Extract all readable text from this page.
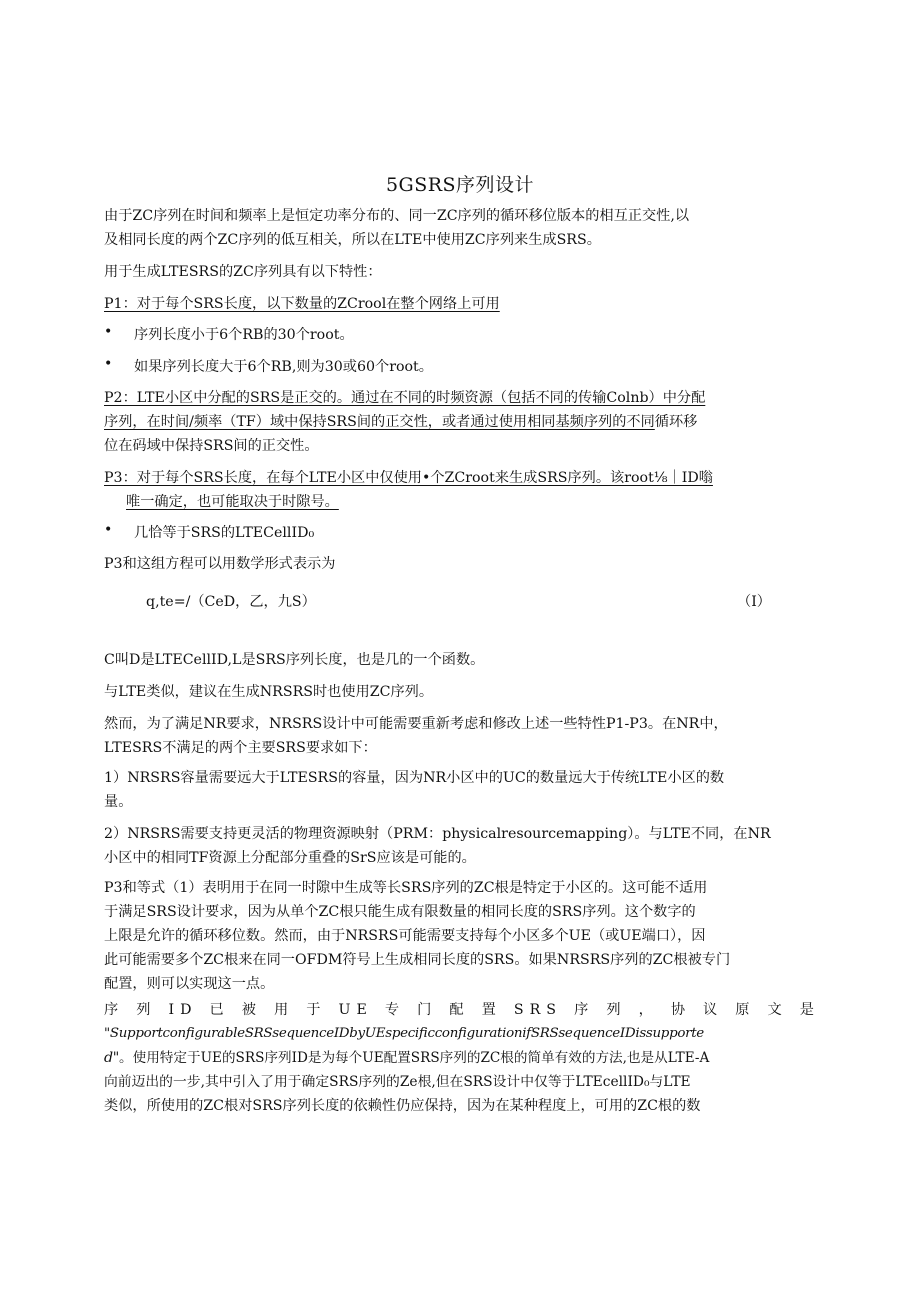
5GSRS序列设计
由于ZC序列在时间和频率上是恒定功率分布的、同一ZC序列的循环移位版本的相互正交性,以
及相同长度的两个ZC序列的低互相关，所以在LTE中使用ZC序列来生成SRS。
用于生成LTESRS的ZC序列具有以下特性：
P1：对于每个SRS长度，以下数量的ZCrool在整个网络上可用
• 序列长度小于6个RB的30个root。
• 如果序列长度大于6个RB,则为30或60个root。
P2：LTE小区中分配的SRS是正交的。通过在不同的时频资源（包括不同的传输Colnb）中分配
序列，在时间/频率（TF）域中保持SRS间的正交性，或者通过使用相同基频序列的不同循环移
位在码域中保持SRS间的正交性。
P3：对于每个SRS长度，在每个LTE小区中仅使用•个ZCroot来生成SRS序列。该root⅛｜ID嗡
唯一确定，也可能取决于时隙号。
• 几恰等于SRS的LTECellID₀
P3和这组方程可以用数学形式表示为
q,te=/（CeD，乙，九S）	（I）
C叫D是LTECellID,L是SRS序列长度，也是几的一个函数。
与LTE类似，建议在生成NRSRS时也使用ZC序列。
然而，为了满足NR要求，NRSRS设计中可能需要重新考虑和修改上述一些特性P1-P3。在NR中，
LTESRS不满足的两个主要SRS要求如下：
1）NRSRS容量需要远大于LTESRS的容量，因为NR小区中的UC的数量远大于传统LTE小区的数
量。
2）NRSRS需要支持更灵活的物理资源映射（PRM：physicalresourcemapping）。与LTE不同，在NR
小区中的相同TF资源上分配部分重叠的SrS应该是可能的。
P3和等式（1）表明用于在同一时隙中生成等长SRS序列的ZC根是特定于小区的。这可能不适用
于满足SRS设计要求，因为从单个ZC根只能生成有限数量的相同长度的SRS序列。这个数字的
上限是允许的循环移位数。然而，由于NRSRS可能需要支持每个小区多个UE（或UE端口），因
此可能需要多个ZC根来在同一OFDM符号上生成相同长度的SRS。如果NRSRS序列的ZC根被专门
配置，则可以实现这一点。
序列ID已被用于UE专门配置SRS序列，协议原文是
"SupportconfigurableSRSsequenceIDbyUEspecificconfigurationifSRSsequenceIDissupporte
d"。使用特定于UE的SRS序列ID是为每个UE配置SRS序列的ZC根的简单有效的方法,也是从LTE-A
向前迈出的一步,其中引入了用于确定SRS序列的Ze根,但在SRS设计中仅等于LTEcellID₀与LTE
类似，所使用的ZC根对SRS序列长度的依赖性仍应保持，因为在某种程度上，可用的ZC根的数
